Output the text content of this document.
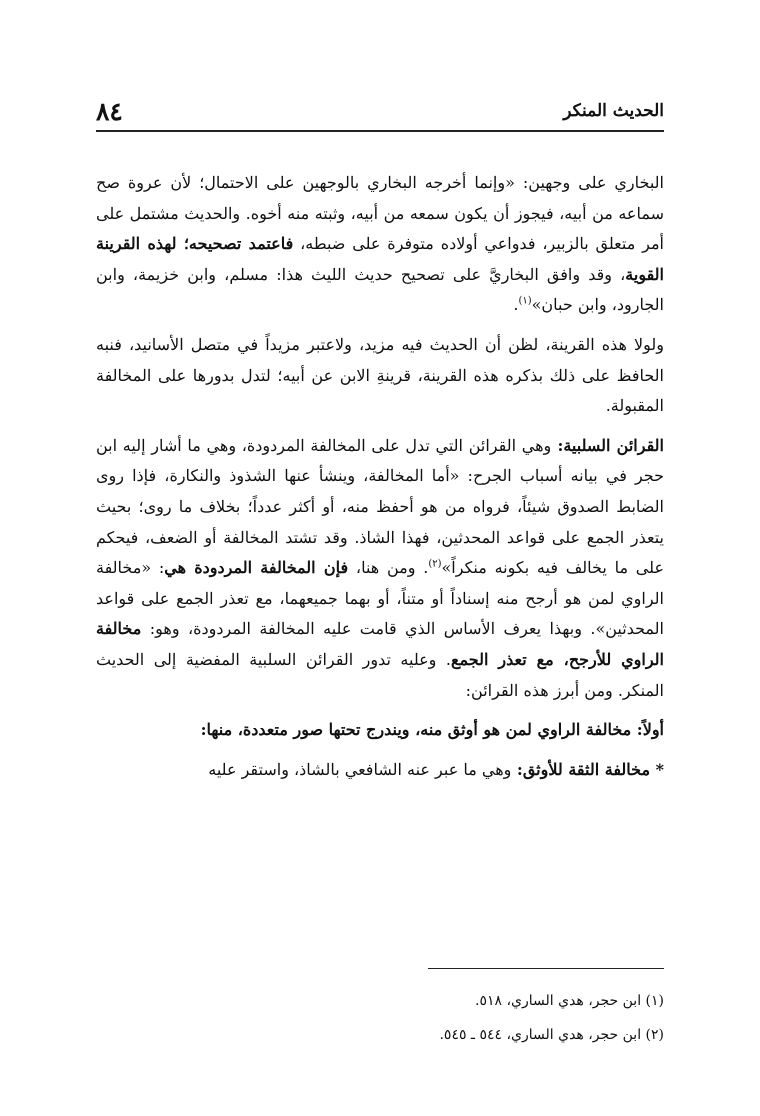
الحديث المنكر
٨٤

البخاري على وجهين: «وإنما أخرجه البخاري بالوجهين على الاحتمال؛ لأن عروة صح سماعه من أبيه، فيجوز أن يكون سمعه من أبيه، وثبته منه أخوه. والحديث مشتمل على أمر متعلق بالزبير، فدواعي أولاده متوفرة على ضبطه، فاعتمد تصحيحه؛ لهذه القرينة القوية، وقد وافق البخاريَّ على تصحيح حديث الليث هذا: مسلم، وابن خزيمة، وابن الجارود، وابن حبان»$^{(١)}$.

ولولا هذه القرينة، لظن أن الحديث فيه مزيد، ولاعتبر مزيداً في متصل الأسانيد، فنبه الحافظ على ذلك بذكره هذه القرينة، قرينةِ الابن عن أبيه؛ لتدل بدورها على المخالفة المقبولة.

القرائن السلبية: وهي القرائن التي تدل على المخالفة المردودة، وهي ما أشار إليه ابن حجر في بيانه أسباب الجرح: «أما المخالفة، وينشأ عنها الشذوذ والنكارة، فإذا روى الضابط الصدوق شيئاً، فرواه من هو أحفظ منه، أو أكثر عدداً؛ بخلاف ما روى؛ بحيث يتعذر الجمع على قواعد المحدثين، فهذا الشاذ. وقد تشتد المخالفة أو الضعف، فيحكم على ما يخالف فيه بكونه منكراً»$^{(٢)}$. ومن هنا، فإن المخالفة المردودة هي: «مخالفة الراوي لمن هو أرجح منه إسناداً أو متناً، أو بهما جميعهما، مع تعذر الجمع على قواعد المحدثين». وبهذا يعرف الأساس الذي قامت عليه المخالفة المردودة، وهو: مخالفة الراوي للأرجح، مع تعذر الجمع. وعليه تدور القرائن السلبية المفضية إلى الحديث المنكر. ومن أبرز هذه القرائن:

أولاً: مخالفة الراوي لمن هو أوثق منه، ويندرج تحتها صور متعددة، منها:

* مخالفة الثقة للأوثق: وهي ما عبر عنه الشافعي بالشاذ، واستقر عليه

(١) ابن حجر، هدي الساري، ٥١٨.
(٢) ابن حجر، هدي الساري، ٥٤٤ ـ ٥٤٥.
